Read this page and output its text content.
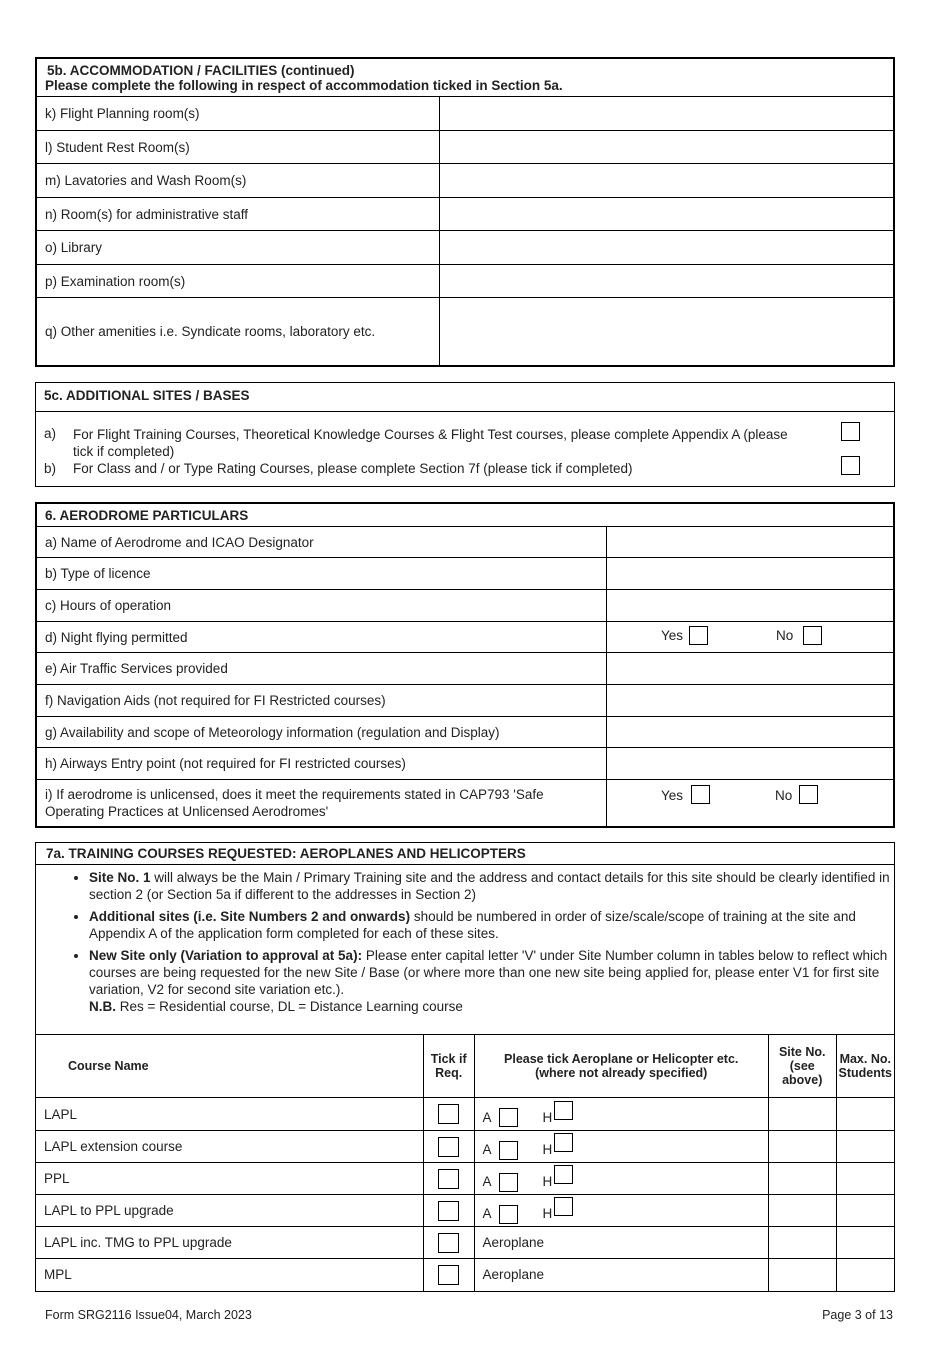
5b. ACCOMMODATION / FACILITIES (continued)
Please complete the following in respect of accommodation ticked in Section 5a.	

k) Flight Planning room(s)	
l) Student Rest Room(s)	
m) Lavatories and Wash Room(s)	
n) Room(s) for administrative staff	
o) Library	
p) Examination room(s)	
q) Other amenities i.e. Syndicate rooms, laboratory etc.	
5c. ADDITIONAL SITES / BASES
a) For Flight Training Courses, Theoretical Knowledge Courses & Flight Test courses, please complete Appendix A (please tick if completed)
b) For Class and / or Type Rating Courses, please complete Section 7f (please tick if completed)
6. AERODROME PARTICULARS	
a) Name of Aerodrome and ICAO Designator	
b) Type of licence	
c) Hours of operation	
d) Night flying permitted	Yes No

e) Air Traffic Services provided	
f) Navigation Aids (not required for FI Restricted courses)	
g) Availability and scope of Meteorology information (regulation and Display)	
h) Airways Entry point (not required for FI restricted courses)	
i) If aerodrome is unlicensed, does it meet the requirements stated in CAP793 'Safe Operating Practices at Unlicensed Aerodromes'	Yes No
7a. TRAINING COURSES REQUESTED: AEROPLANES AND HELICOPTERS
• Site No. 1 will always be the Main / Primary Training site and the address and contact details for this site should be clearly identified in section 2 (or Section 5a if different to the addresses in Section 2)
• Additional sites (i.e. Site Numbers 2 and onwards) should be numbered in order of size/scale/scope of training at the site and Appendix A of the application form completed for each of these sites.
• New Site only (Variation to approval at 5a): Please enter capital letter 'V' under Site Number column in tables below to reflect which courses are being requested for the new Site / Base (or where more than one new site being applied for, please enter V1 for first site variation, V2 for second site variation etc.).
N.B. Res = Residential course, DL = Distance Learning course
Course Name	Tick if Req.	Please tick Aeroplane or Helicopter etc. (where not already specified)	Site No. (see above)	Max. No. Students
LAPL		A H		
LAPL extension course		A H		
PPL		A H		
LAPL to PPL upgrade		A H		
LAPL inc. TMG to PPL upgrade		Aeroplane		
MPL		Aeroplane		
Form SRG2116 Issue04, March 2023	Page 3 of 13
